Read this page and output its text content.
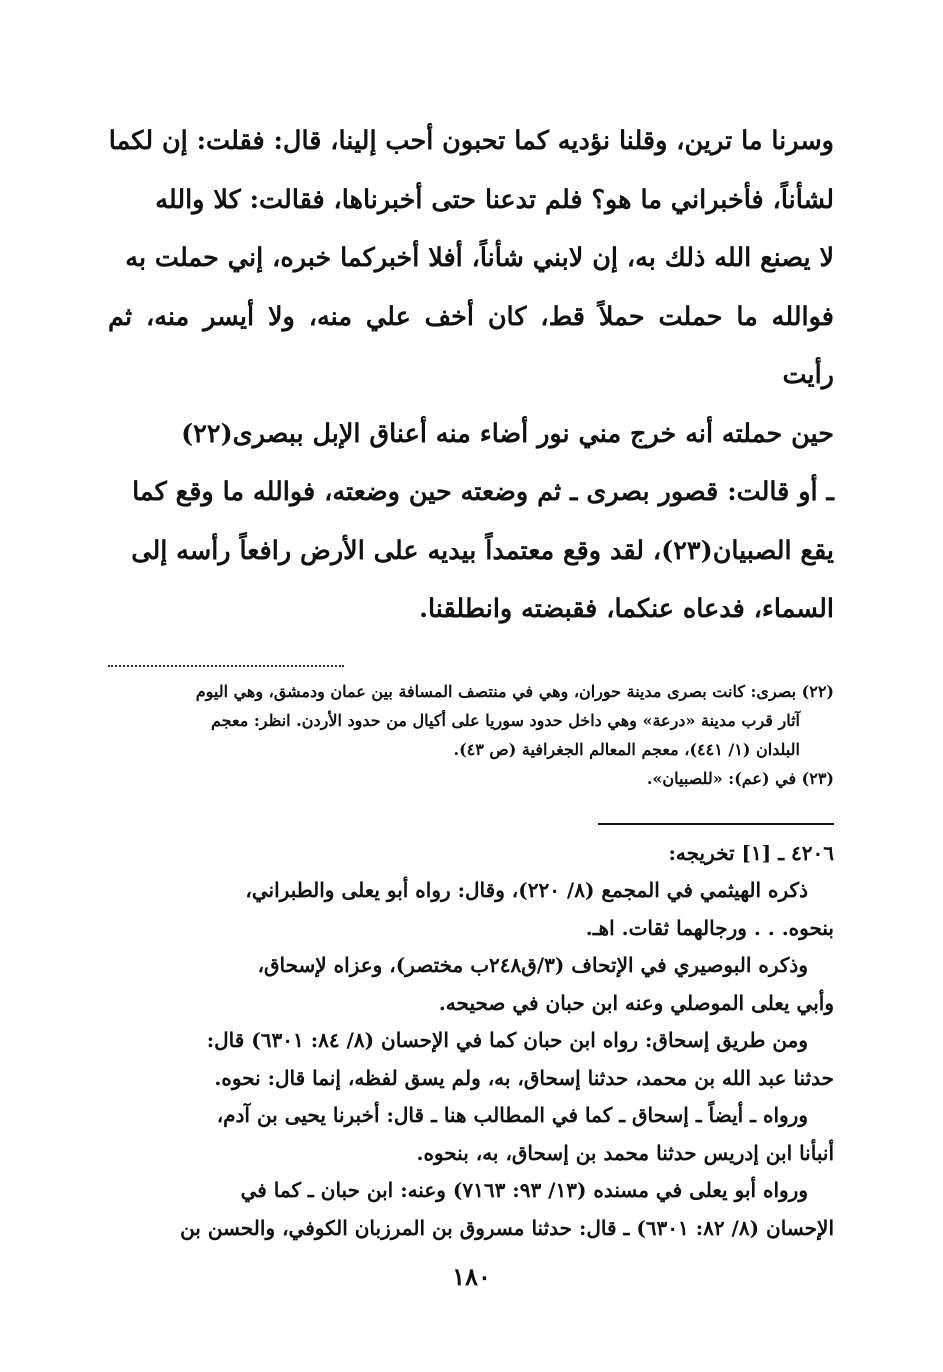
وسرنا ما ترين، وقلنا نؤديه كما تحبون أحب إلينا، قال: فقلت: إن لكما

لشأناً، فأخبراني ما هو؟ فلم تدعنا حتى أخبرناها، فقالت: كلا والله

لا يصنع الله ذلك به، إن لابني شأناً، أفلا أخبركما خبره، إني حملت به

فوالله ما حملت حملاً قط، كان أخف علي منه، ولا أيسر منه، ثم رأيت

حين حملته أنه خرج مني نور أضاء منه أعناق الإبل ببصرى(٢٢)

ـ أو قالت: قصور بصرى ـ ثم وضعته حين وضعته، فوالله ما وقع كما

يقع الصبيان(٢٣)، لقد وقع معتمداً بيديه على الأرض رافعاً رأسه إلى

السماء، فدعاه عنكما، فقبضته وانطلقنا.

(٢٢) بصرى: كانت بصرى مدينة حوران، وهي في منتصف المسافة بين عمان ودمشق، وهي اليوم

آثار قرب مدينة «درعة» وهي داخل حدود سوريا على أكيال من حدود الأردن. انظر: معجم

البلدان (١/ ٤٤١)، معجم المعالم الجغرافية (ص ٤٣).

(٢٣) في (عم): «للصبيان».

٤٢٠٦ ـ [١] تخريجه:

ذكره الهيثمي في المجمع (٨/ ٢٢٠)، وقال: رواه أبو يعلى والطبراني،

بنحوه. . . ورجالهما ثقات. اهـ.

وذكره البوصيري في الإتحاف (٣/ق٢٤٨ب مختصر)، وعزاه لإسحاق،

وأبي يعلى الموصلي وعنه ابن حبان في صحيحه.

ومن طريق إسحاق: رواه ابن حبان كما في الإحسان (٨/ ٨٤: ٦٣٠١) قال:

حدثنا عبد الله بن محمد، حدثنا إسحاق، به، ولم يسق لفظه، إنما قال: نحوه.

ورواه ـ أيضاً ـ إسحاق ـ كما في المطالب هنا ـ قال: أخبرنا يحيى بن آدم،

أنبأنا ابن إدريس حدثنا محمد بن إسحاق، به، بنحوه.

ورواه أبو يعلى في مسنده (١٣/ ٩٣: ٧١٦٣) وعنه: ابن حبان ـ كما في

الإحسان (٨/ ٨٢: ٦٣٠١) ـ قال: حدثنا مسروق بن المرزبان الكوفي، والحسن بن

١٨٠
